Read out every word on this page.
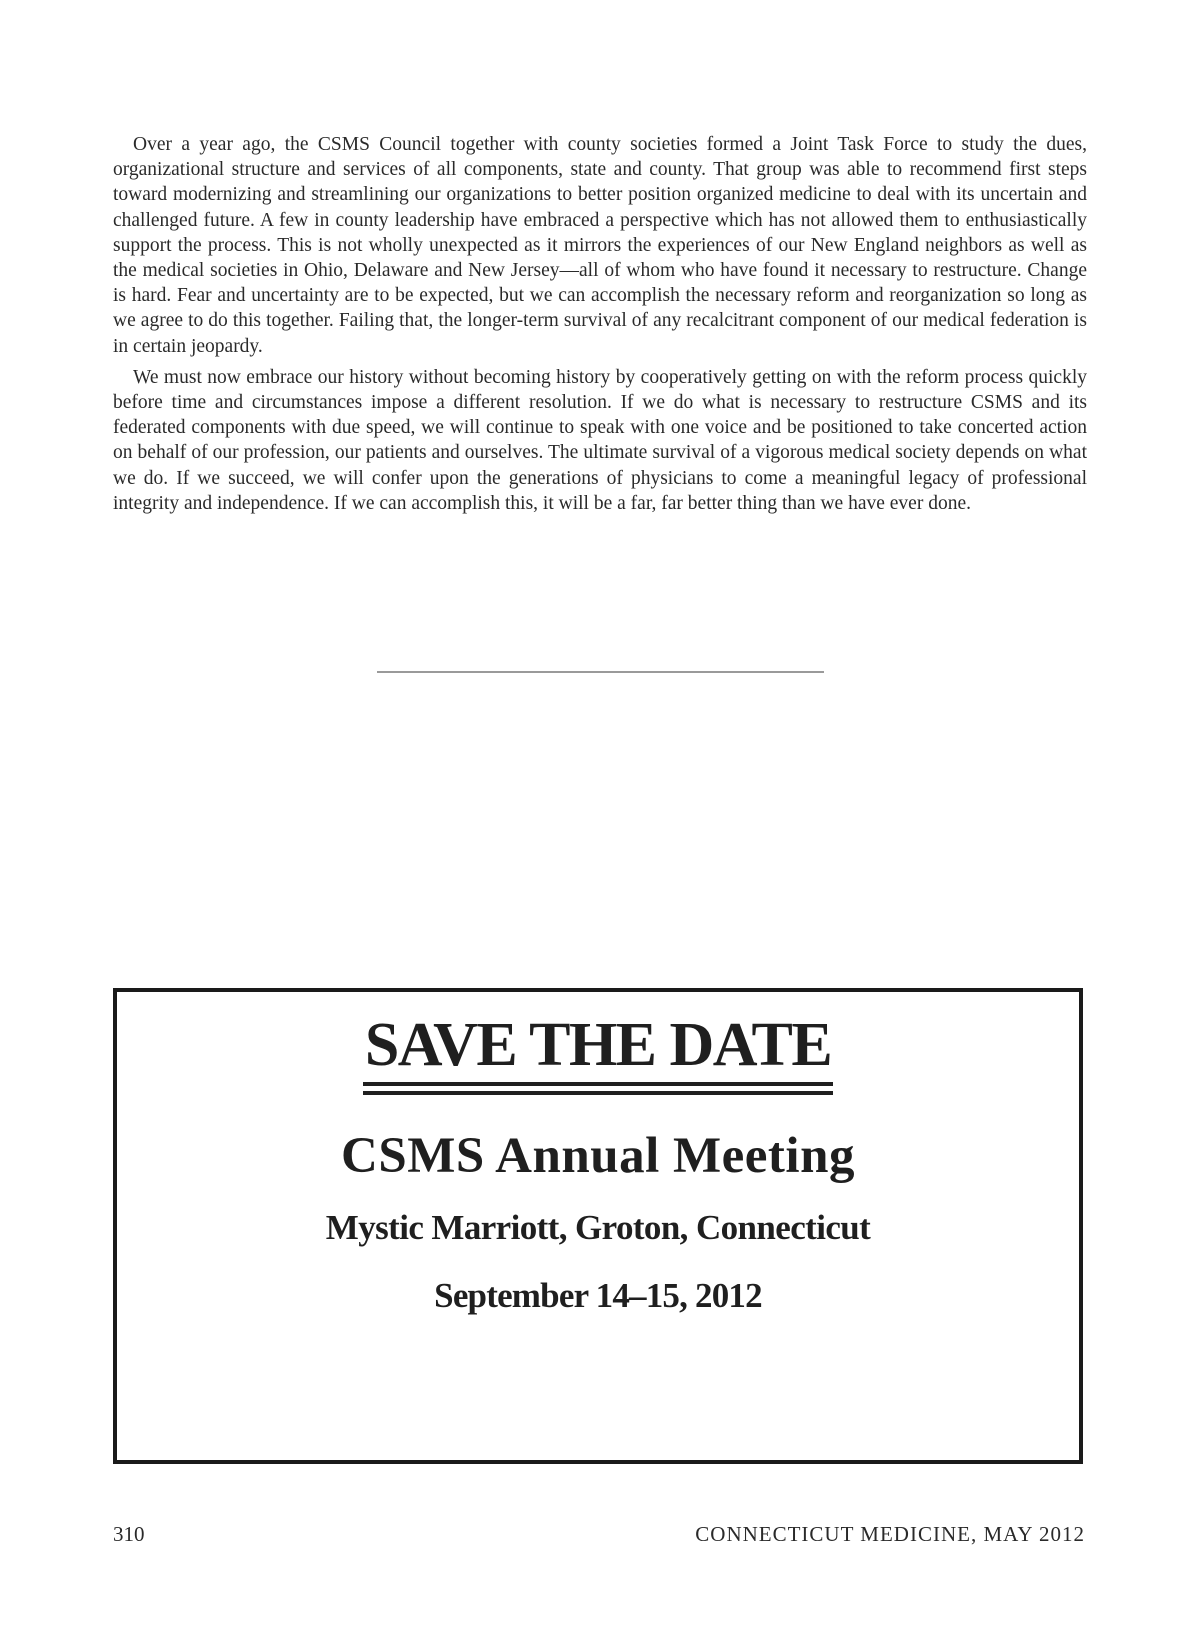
Over a year ago, the CSMS Council together with county societies formed a Joint Task Force to study the dues, organizational structure and services of all components, state and county. That group was able to recommend first steps toward modernizing and streamlining our organizations to better position organized medicine to deal with its uncertain and challenged future. A few in county leadership have embraced a perspective which has not allowed them to enthusiastically support the process. This is not wholly unexpected as it mirrors the experiences of our New England neighbors as well as the medical societies in Ohio, Delaware and New Jersey—all of whom who have found it necessary to restructure. Change is hard. Fear and uncertainty are to be expected, but we can accomplish the necessary reform and reorganization so long as we agree to do this together. Failing that, the longer-term survival of any recalcitrant component of our medical federation is in certain jeopardy.

We must now embrace our history without becoming history by cooperatively getting on with the reform process quickly before time and circumstances impose a different resolution. If we do what is necessary to restructure CSMS and its federated components with due speed, we will continue to speak with one voice and be positioned to take concerted action on behalf of our profession, our patients and ourselves. The ultimate survival of a vigorous medical society depends on what we do. If we succeed, we will confer upon the generations of physicians to come a meaningful legacy of professional integrity and independence. If we can accomplish this, it will be a far, far better thing than we have ever done.

SAVE THE DATE
CSMS Annual Meeting
Mystic Marriott, Groton, Connecticut
September 14–15, 2012
310	CONNECTICUT MEDICINE, MAY 2012
